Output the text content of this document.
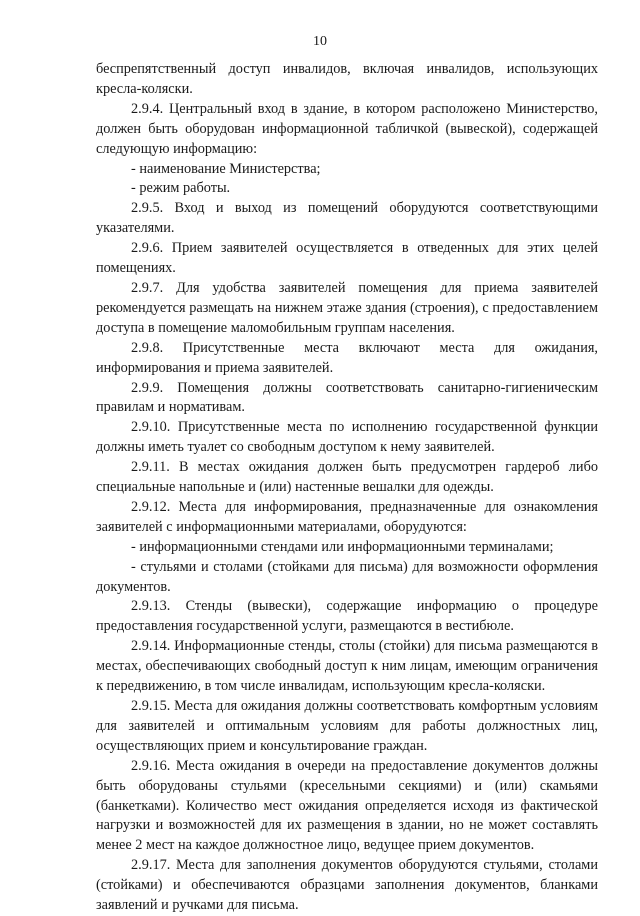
10

беспрепятственный доступ инвалидов, включая инвалидов, использующих кресла-коляски.

2.9.4. Центральный вход в здание, в котором расположено Министерство, должен быть оборудован информационной табличкой (вывеской), содержащей следующую информацию:

- наименование Министерства;

- режим работы.

2.9.5. Вход и выход из помещений оборудуются соответствующими указателями.

2.9.6. Прием заявителей осуществляется в отведенных для этих целей помещениях.

2.9.7. Для удобства заявителей помещения для приема заявителей рекомендуется размещать на нижнем этаже здания (строения), с предоставлением доступа в помещение маломобильным группам населения.

2.9.8. Присутственные места включают места для ожидания, информирования и приема заявителей.

2.9.9. Помещения должны соответствовать санитарно-гигиеническим правилам и нормативам.

2.9.10. Присутственные места по исполнению государственной функции должны иметь туалет со свободным доступом к нему заявителей.

2.9.11. В местах ожидания должен быть предусмотрен гардероб либо специальные напольные и (или) настенные вешалки для одежды.

2.9.12. Места для информирования, предназначенные для ознакомления заявителей с информационными материалами, оборудуются:

- информационными стендами или информационными терминалами;

- стульями и столами (стойками для письма) для возможности оформления документов.

2.9.13. Стенды (вывески), содержащие информацию о процедуре предоставления государственной услуги, размещаются в вестибюле.

2.9.14. Информационные стенды, столы (стойки) для письма размещаются в местах, обеспечивающих свободный доступ к ним лицам, имеющим ограничения к передвижению, в том числе инвалидам, использующим кресла-коляски.

2.9.15. Места для ожидания должны соответствовать комфортным условиям для заявителей и оптимальным условиям для работы должностных лиц, осуществляющих прием и консультирование граждан.

2.9.16. Места ожидания в очереди на предоставление документов должны быть оборудованы стульями (кресельными секциями) и (или) скамьями (банкетками). Количество мест ожидания определяется исходя из фактической нагрузки и возможностей для их размещения в здании, но не может составлять менее 2 мест на каждое должностное лицо, ведущее прием документов.

2.9.17. Места для заполнения документов оборудуются стульями, столами (стойками) и обеспечиваются образцами заполнения документов, бланками заявлений и ручками для письма.
